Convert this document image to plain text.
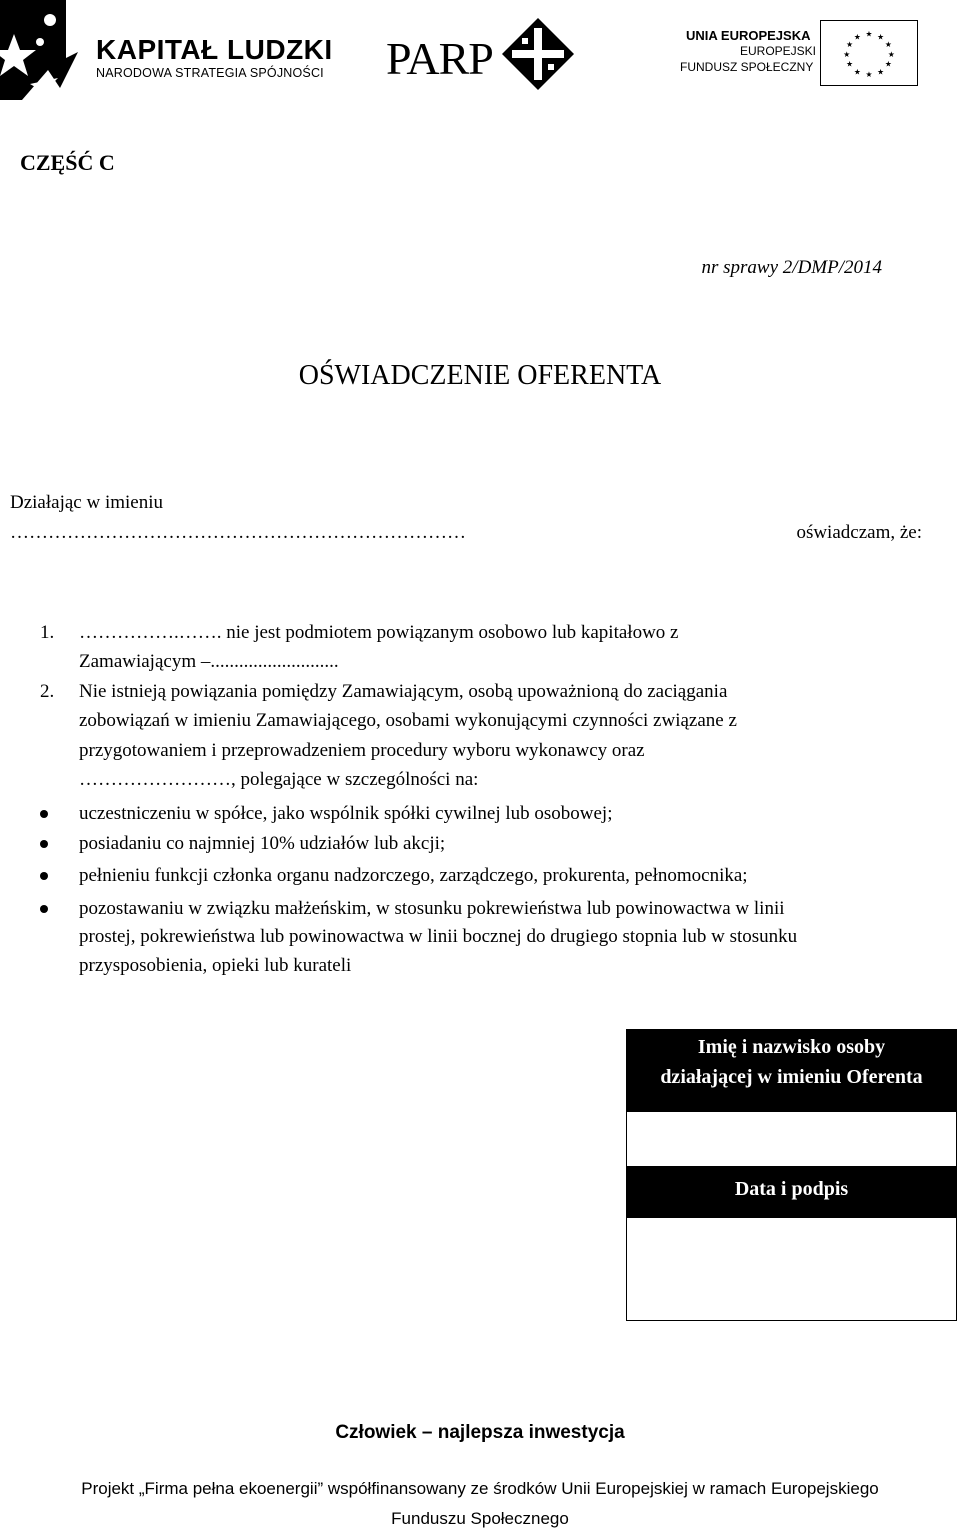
KAPITAŁ LUDZKI
NARODOWA STRATEGIA SPÓJNOŚCI PARP	UNIA EUROPEJSKA
EUROPEJSKI
FUNDUSZ SPOŁECZNY
★ ★
★
★
★
★
★
★
★
★
★
★
CZĘŚĆ C
nr sprawy 2/DMP/2014
OŚWIADCZENIE OFERENTA
Działając w imieniu
………………………………………………………………	oświadczam, że:
1. …………….……. nie jest podmiotem powiązanym osobowo lub kapitałowo z
Zamawiającym –...........................
2. Nie istnieją powiązania pomiędzy Zamawiającym, osobą upoważnioną do zaciągania
zobowiązań w imieniu Zamawiającego, osobami wykonującymi czynności związane z
przygotowaniem i przeprowadzeniem procedury wyboru wykonawcy oraz
……………………, polegające w szczególności na:
uczestniczeniu w spółce, jako wspólnik spółki cywilnej lub osobowej;
posiadaniu co najmniej 10% udziałów lub akcji;
pełnieniu funkcji członka organu nadzorczego, zarządczego, prokurenta, pełnomocnika;
pozostawaniu w związku małżeńskim, w stosunku pokrewieństwa lub powinowactwa w linii
prostej, pokrewieństwa lub powinowactwa w linii bocznej do drugiego stopnia lub w stosunku
przysposobienia, opieki lub kurateli
Imię i nazwisko osoby
działającej w imieniu Oferenta
Data i podpis
Człowiek – najlepsza inwestycja
Projekt „Firma pełna ekoenergii” współfinansowany ze środków Unii Europejskiej w ramach Europejskiego
Funduszu Społecznego
